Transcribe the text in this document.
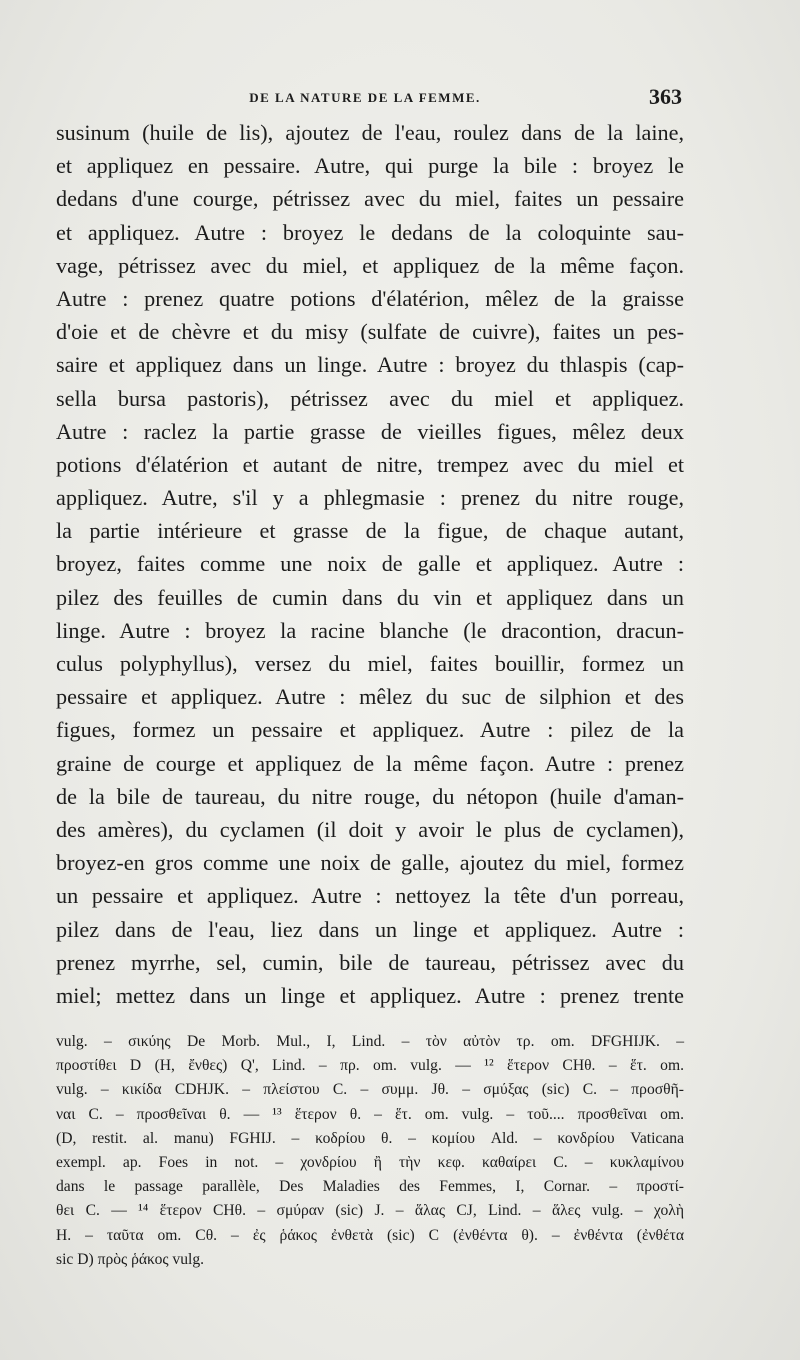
DE LA NATURE DE LA FEMME.	363
susinum (huile de lis), ajoutez de l'eau, roulez dans de la laine,
et appliquez en pessaire. Autre, qui purge la bile : broyez le
dedans d'une courge, pétrissez avec du miel, faites un pessaire
et appliquez. Autre : broyez le dedans de la coloquinte sau-
vage, pétrissez avec du miel, et appliquez de la même façon.
Autre : prenez quatre potions d'élatérion, mêlez de la graisse
d'oie et de chèvre et du misy (sulfate de cuivre), faites un pes-
saire et appliquez dans un linge. Autre : broyez du thlaspis (cap-
sella bursa pastoris), pétrissez avec du miel et appliquez.
Autre : raclez la partie grasse de vieilles figues, mêlez deux
potions d'élatérion et autant de nitre, trempez avec du miel et
appliquez. Autre, s'il y a phlegmasie : prenez du nitre rouge,
la partie intérieure et grasse de la figue, de chaque autant,
broyez, faites comme une noix de galle et appliquez. Autre :
pilez des feuilles de cumin dans du vin et appliquez dans un
linge. Autre : broyez la racine blanche (le dracontion, dracun-
culus polyphyllus), versez du miel, faites bouillir, formez un
pessaire et appliquez. Autre : mêlez du suc de silphion et des
figues, formez un pessaire et appliquez. Autre : pilez de la
graine de courge et appliquez de la même façon. Autre : prenez
de la bile de taureau, du nitre rouge, du nétopon (huile d'aman-
des amères), du cyclamen (il doit y avoir le plus de cyclamen),
broyez-en gros comme une noix de galle, ajoutez du miel, formez
un pessaire et appliquez. Autre : nettoyez la tête d'un porreau,
pilez dans de l'eau, liez dans un linge et appliquez. Autre :
prenez myrrhe, sel, cumin, bile de taureau, pétrissez avec du
miel; mettez dans un linge et appliquez. Autre : prenez trente
vulg. – σικύης De Morb. Mul., I, Lind. – τὸν αὐτὸν τρ. om. DFGHIJK. –
προστίθει D (H, ἔνθες) Q', Lind. – πρ. om. vulg. — ¹² ἕτερον CHθ. – ἕτ. om.
vulg. – κικίδα CDHJK. – πλείστου C. – συμμ. Jθ. – σμύξας (sic) C. – προσθῆ-
ναι C. – προσθεῖναι θ. — ¹³ ἕτερον θ. – ἕτ. om. vulg. – τοῦ.... προσθεῖναι om.
(D, restit. al. manu) FGHIJ. – κοδρίου θ. – κομίου Ald. – κονδρίου Vaticana
exempl. ap. Foes in not. – χονδρίου ἢ τὴν κεφ. καθαίρει C. – κυκλαμίνου
dans le passage parallèle, Des Maladies des Femmes, I, Cornar. – προστί-
θει C. — ¹⁴ ἕτερον CHθ. – σμύραν (sic) J. – ἅλας CJ, Lind. – ἅλες vulg. – χολὴ
H. – ταῦτα om. Cθ. – ἐς ῥάκος ἐνθετὰ (sic) C (ἐνθέντα θ). – ἐνθέντα (ἐνθέτα
sic D) πρὸς ῥάκος vulg.
